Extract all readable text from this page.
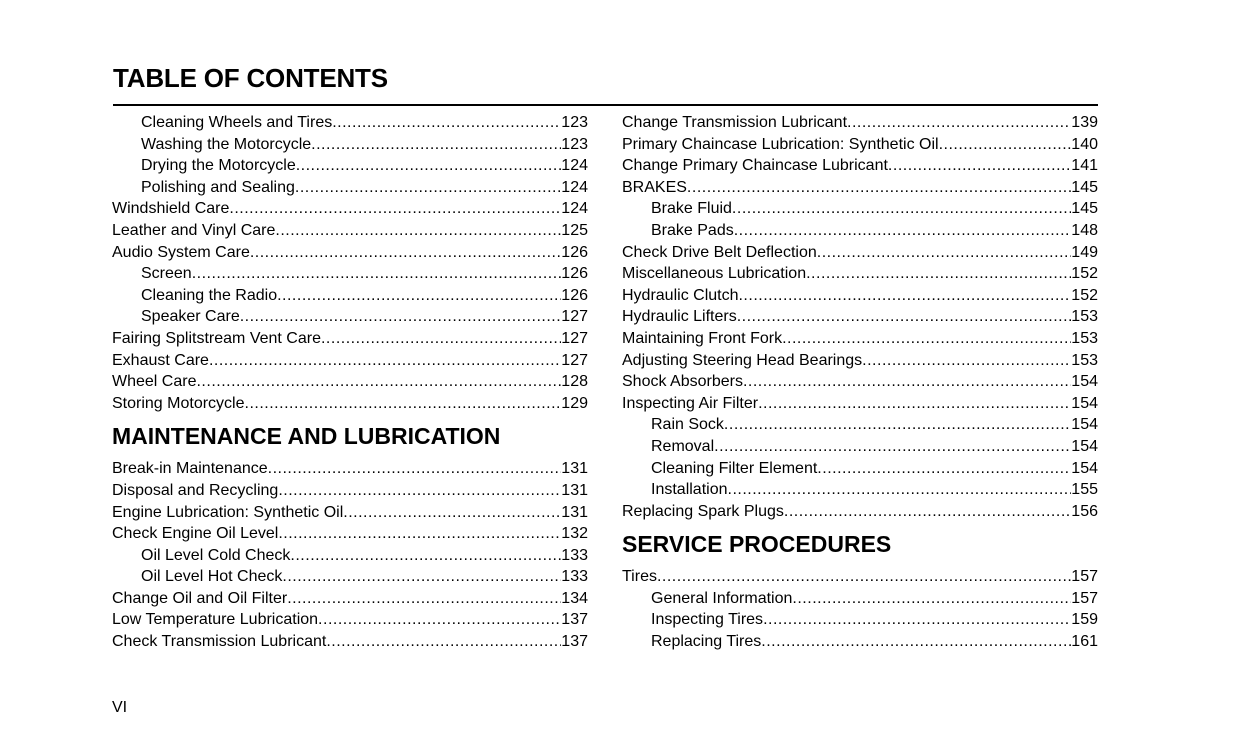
TABLE OF CONTENTS
Cleaning Wheels and Tires .....	123
Washing the Motorcycle .....	123
Drying the Motorcycle .....	124
Polishing and Sealing .....	124
Windshield Care .....	124
Leather and Vinyl Care .....	125
Audio System Care .....	126
Screen .....	126
Cleaning the Radio .....	126
Speaker Care .....	127
Fairing Splitstream Vent Care .....	127
Exhaust Care .....	127
Wheel Care .....	128
Storing Motorcycle .....	129
MAINTENANCE AND LUBRICATION
Break-in Maintenance .....	131
Disposal and Recycling .....	131
Engine Lubrication: Synthetic Oil .....	131
Check Engine Oil Level .....	132
Oil Level Cold Check .....	133
Oil Level Hot Check .....	133
Change Oil and Oil Filter .....	134
Low Temperature Lubrication .....	137
Check Transmission Lubricant .....	137
Change Transmission Lubricant .....	139
Primary Chaincase Lubrication: Synthetic Oil .....	140
Change Primary Chaincase Lubricant .....	141
BRAKES .....	145
Brake Fluid .....	145
Brake Pads .....	148
Check Drive Belt Deflection .....	149
Miscellaneous Lubrication .....	152
Hydraulic Clutch .....	152
Hydraulic Lifters .....	153
Maintaining Front Fork .....	153
Adjusting Steering Head Bearings .....	153
Shock Absorbers .....	154
Inspecting Air Filter .....	154
Rain Sock .....	154
Removal .....	154
Cleaning Filter Element .....	154
Installation .....	155
Replacing Spark Plugs .....	156
SERVICE PROCEDURES
Tires .....	157
General Information .....	157
Inspecting Tires .....	159
Replacing Tires .....	161
VI
